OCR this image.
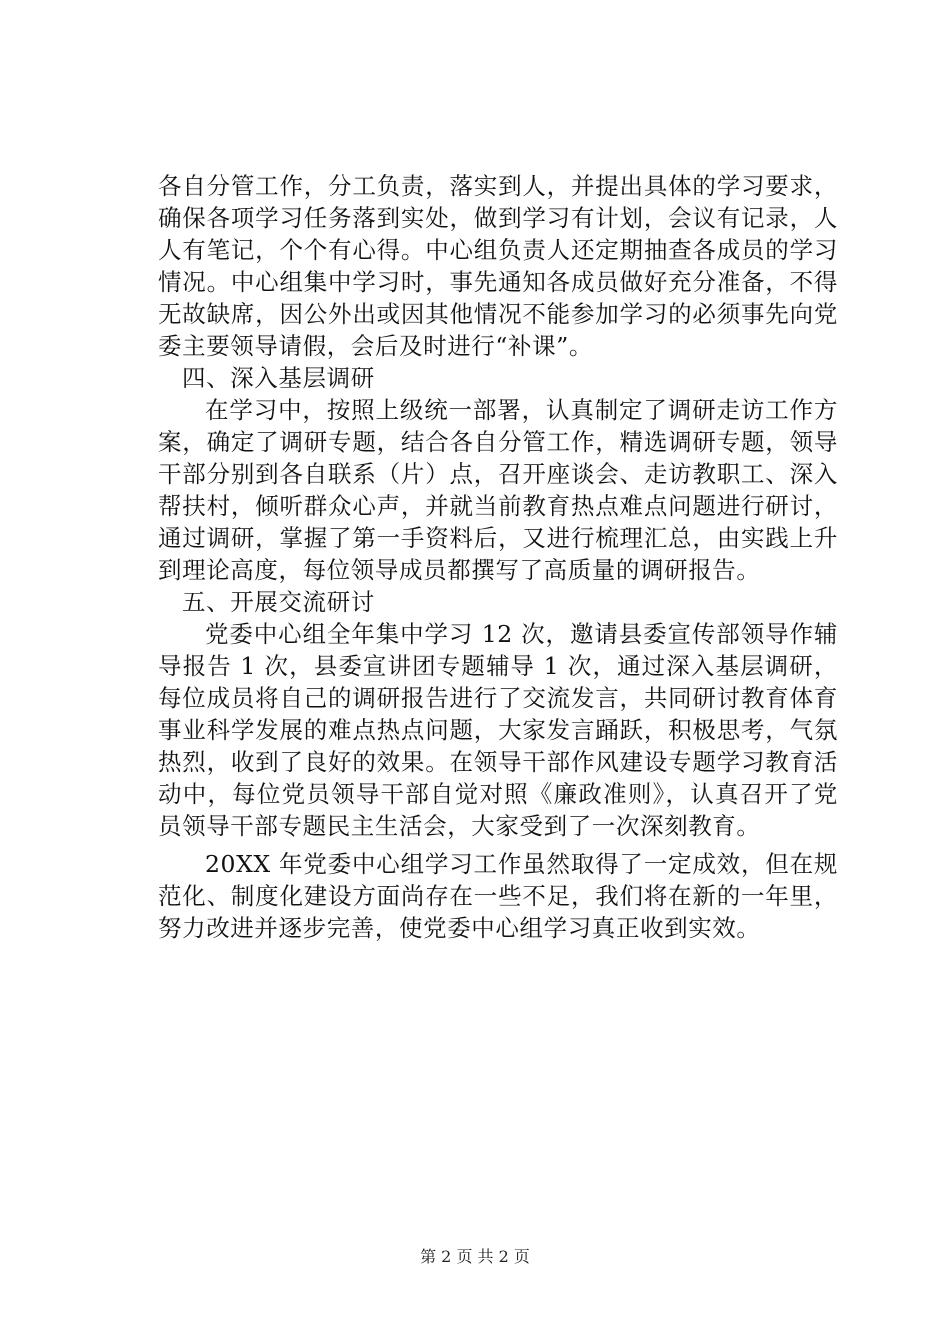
各自分管工作，分工负责，落实到人，并提出具体的学习要求，确保各项学习任务落到实处，做到学习有计划，会议有记录，人人有笔记，个个有心得。中心组负责人还定期抽查各成员的学习情况。中心组集中学习时，事先通知各成员做好充分准备，不得无故缺席，因公外出或因其他情况不能参加学习的必须事先向党委主要领导请假，会后及时进行“补课”。

四、深入基层调研

在学习中，按照上级统一部署，认真制定了调研走访工作方案，确定了调研专题，结合各自分管工作，精选调研专题，领导干部分别到各自联系（片）点，召开座谈会、走访教职工、深入帮扶村，倾听群众心声，并就当前教育热点难点问题进行研讨，通过调研，掌握了第一手资料后，又进行梳理汇总，由实践上升到理论高度，每位领导成员都撰写了高质量的调研报告。

五、开展交流研讨

党委中心组全年集中学习 12 次，邀请县委宣传部领导作辅导报告 1 次，县委宣讲团专题辅导 1 次，通过深入基层调研，每位成员将自己的调研报告进行了交流发言，共同研讨教育体育事业科学发展的难点热点问题，大家发言踊跃，积极思考，气氛热烈，收到了良好的效果。在领导干部作风建设专题学习教育活动中，每位党员领导干部自觉对照《廉政准则》，认真召开了党员领导干部专题民主生活会，大家受到了一次深刻教育。

20XX 年党委中心组学习工作虽然取得了一定成效，但在规范化、制度化建设方面尚存在一些不足，我们将在新的一年里，努力改进并逐步完善，使党委中心组学习真正收到实效。

第 2 页 共 2 页
